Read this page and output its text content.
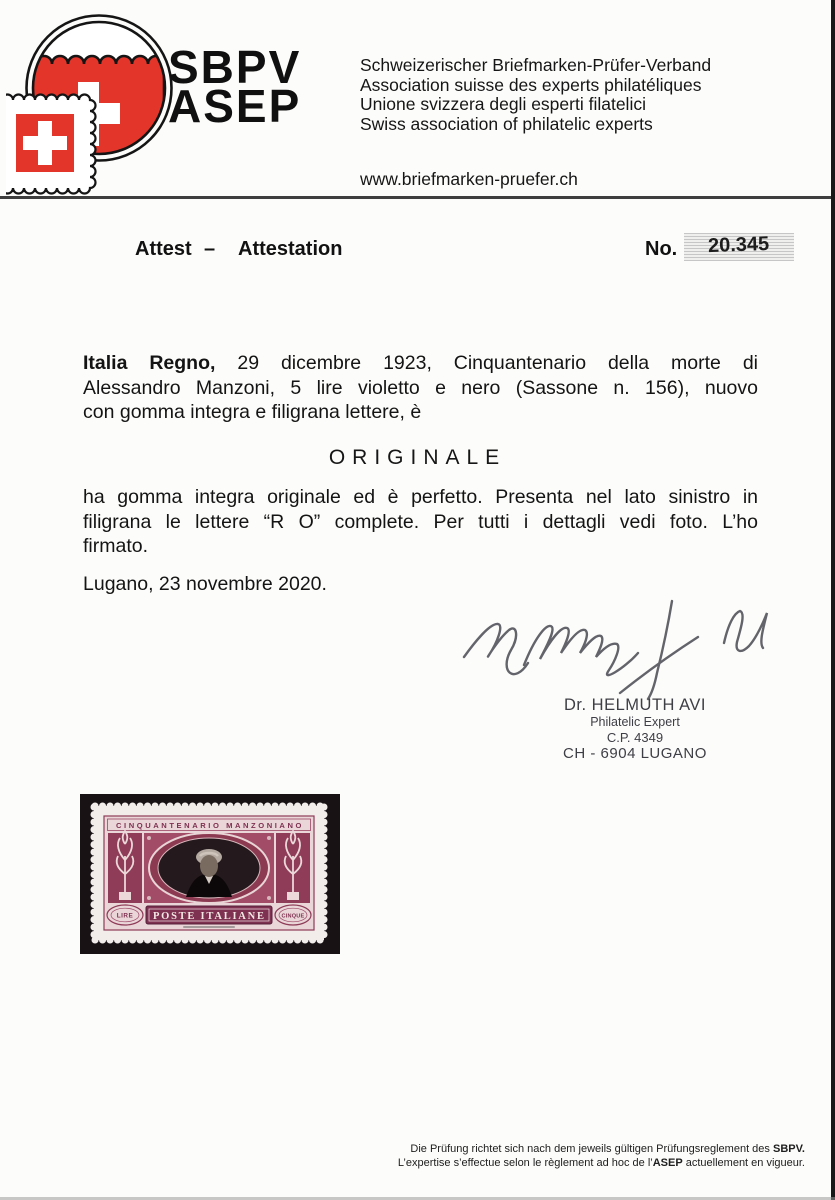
SBPV
ASEP
Schweizerischer Briefmarken-Prüfer-Verband
Association suisse des experts philatéliques
Unione svizzera degli esperti filatelici
Swiss association of philatelic experts
www.briefmarken-pruefer.ch
Attest – Attestation	No. 20.345
Italia Regno, 29 dicembre 1923, Cinquantenario della morte di
Alessandro Manzoni, 5 lire violetto e nero (Sassone n. 156), nuovo
con gomma integra e filigrana lettere, è
ORIGINALE
ha gomma integra originale ed è perfetto. Presenta nel lato sinistro in
filigrana le lettere “R O” complete. Per tutti i dettagli vedi foto. L’ho
firmato.
Lugano, 23 novembre 2020.
Dr. HELMUTH AVI
Philatelic Expert
C.P. 4349
CH - 6904 LUGANO
CINQUANTENARIO MANZONIANO
POSTE ITALIANE
LIRE	CINQUE
Die Prüfung richtet sich nach dem jeweils gültigen Prüfungsreglement des SBPV.
L’expertise s’effectue selon le règlement ad hoc de l’ASEP actuellement en vigueur.
